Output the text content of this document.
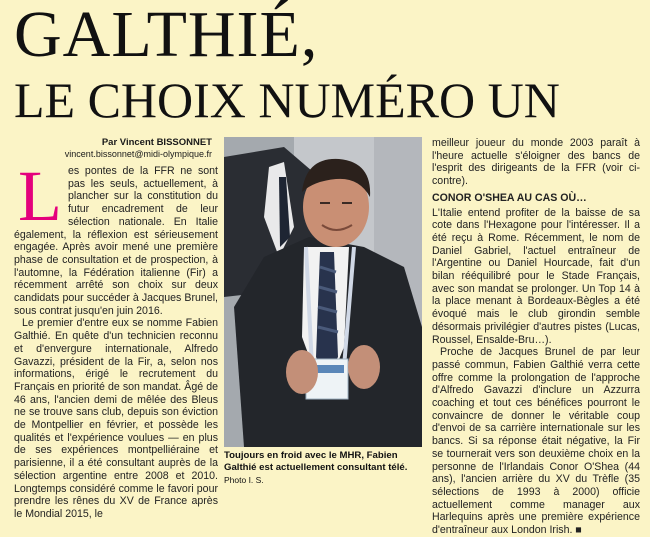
GALTHIÉ,
LE CHOIX NUMÉRO UN
Par Vincent BISSONNET
vincent.bissonnet@midi-olympique.fr
L es pontes de la FFR ne sont pas les seuls, actuellement, à plancher sur la constitution du futur encadrement de leur sélection nationale. En Italie également, la réflexion est sérieusement engagée. Après avoir mené une première phase de consultation et de prospection, à l'automne, la Fédération italienne (Fir) a récemment arrêté son choix sur deux candidats pour succéder à Jacques Brunel, sous contrat jusqu'en juin 2016.

Le premier d'entre eux se nomme Fabien Galthié. En quête d'un technicien reconnu et d'envergure internationale, Alfredo Gavazzi, président de la Fir, a, selon nos informations, érigé le recrutement du Français en priorité de son mandat. Âgé de 46 ans, l'ancien demi de mêlée des Bleus ne se trouve sans club, depuis son éviction de Montpellier en février, et possède les qualités et l'expérience voulues — en plus de ses expériences montpelliéraine et parisienne, il a été consultant auprès de la sélection argentine entre 2008 et 2010. Longtemps considéré comme le favori pour prendre les rênes du XV de France après le Mondial 2015, le

Toujours en froid avec le MHR, Fabien Galthié est actuellement consultant télé. Photo I. S.

meilleur joueur du monde 2003 paraît à l'heure actuelle s'éloigner des bancs de l'esprit des dirigeants de la FFR (voir ci-contre).

CONOR O'SHEA AU CAS OÙ…

L'Italie entend profiter de la baisse de sa cote dans l'Hexagone pour l'intéresser. Il a été reçu à Rome. Récemment, le nom de Daniel Gabriel, l'actuel entraîneur de l'Argentine ou Daniel Hourcade, fait d'un bilan rééquilibré pour le Stade Français, avec son mandat se prolonger. Un Top 14 à la place menant à Bordeaux-Bègles a été évoqué mais le club girondin semble désormais privilégier d'autres pistes (Lucas, Roussel, Ensalde-Bru…).

Proche de Jacques Brunel de par leur passé commun, Fabien Galthié verra cette offre comme la prolongation de l'approche d'Alfredo Gavazzi d'inclure un Azzurra coaching et tout ces bénéfices pourront le convaincre de donner le véritable coup d'envoi de sa carrière internationale sur les bancs. Si sa réponse était négative, la Fir se tournerait vers son deuxième choix en la personne de l'Irlandais Conor O'Shea (44 ans), l'ancien arrière du XV du Trèfle (35 sélections de 1993 à 2000) officie actuellement comme manager aux Harlequins après une première expérience d'entraîneur aux London Irish. ■
